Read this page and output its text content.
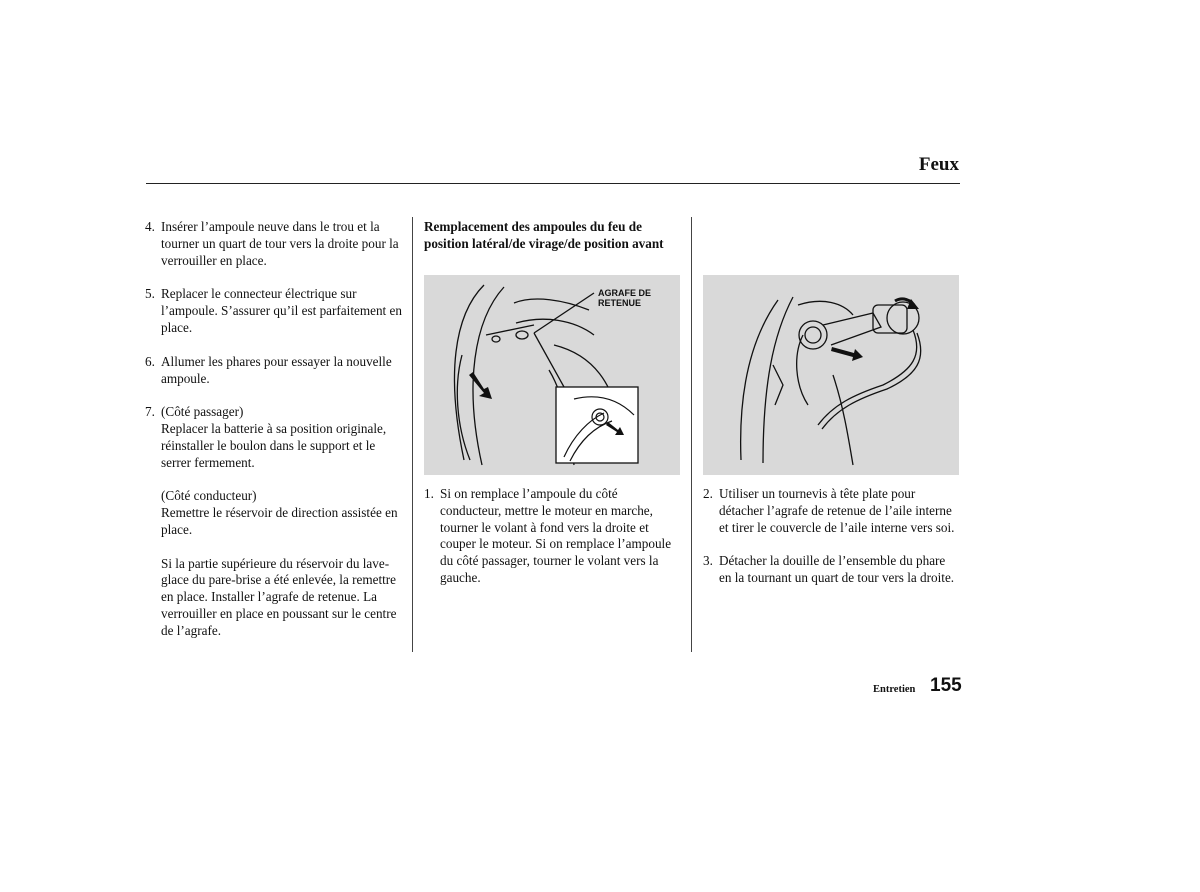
Feux
4. Insérer l’ampoule neuve dans le trou et la tourner un quart de tour vers la droite pour la verrouiller en place.
5. Replacer le connecteur électrique sur l’ampoule. S’assurer qu’il est parfaitement en place.
6. Allumer les phares pour essayer la nouvelle ampoule.
7. (Côté passager)

Replacer la batterie à sa position originale, réinstaller le boulon dans le support et le serrer fermement.

(Côté conducteur)

Remettre le réservoir de direction assistée en place.

Si la partie supérieure du réservoir du lave-glace du pare-brise a été enlevée, la remettre en place. Installer l’agrafe de retenue. La verrouiller en place en poussant sur le centre de l’agrafe.

Remplacement des ampoules du feu de position latéral/de virage/de position avant

AGRAFE DE
RETENUE
1. Si on remplace l’ampoule du côté conducteur, mettre le moteur en marche, tourner le volant à fond vers la droite et couper le moteur. Si on remplace l’ampoule du côté passager, tourner le volant vers la gauche.
2. Utiliser un tournevis à tête plate pour détacher l’agrafe de retenue de l’aile interne et tirer le couvercle de l’aile interne vers soi.
3. Détacher la douille de l’ensemble du phare en la tournant un quart de tour vers la droite.
Entretien 155
